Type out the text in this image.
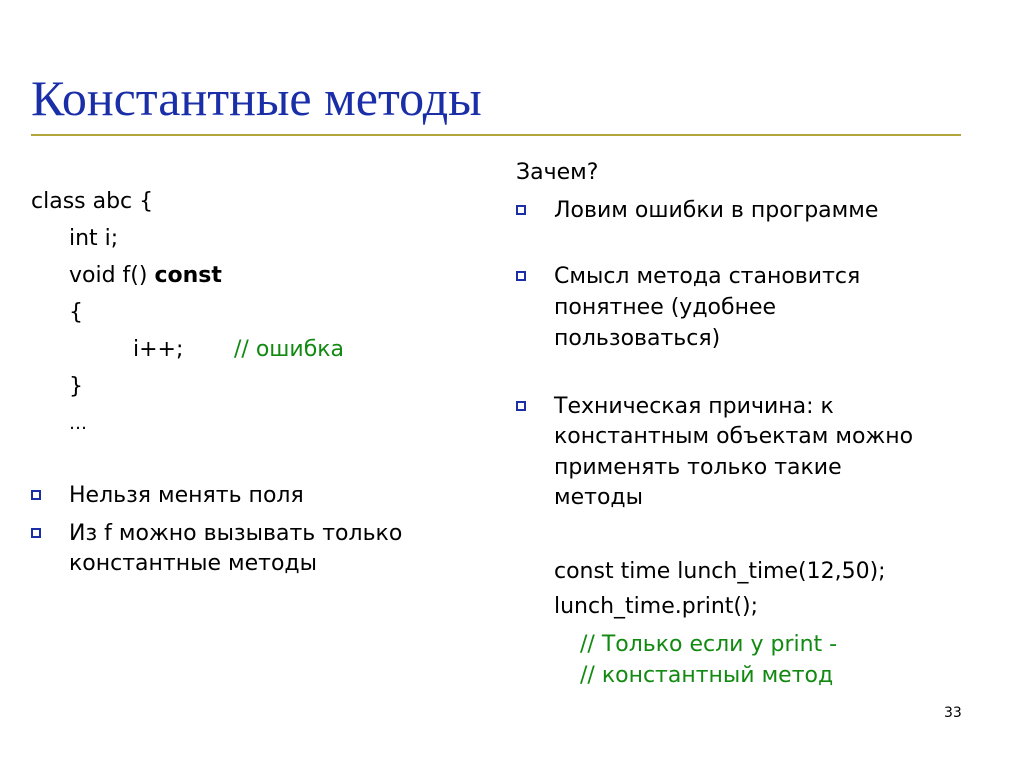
Константные методы
class abc {
int i;
void f() const
{
i++; // ошибка
}
…
Нельзя менять поля
Из f можно вызывать только
константные методы
Зачем?
Ловим ошибки в программе
Смысл метода становится
понятнее (удобнее
пользоваться)
Техническая причина: к
константным объектам можно
применять только такие
методы
const time lunch_time(12,50);
lunch_time.print();
// Только если у print -
// константный метод
33
